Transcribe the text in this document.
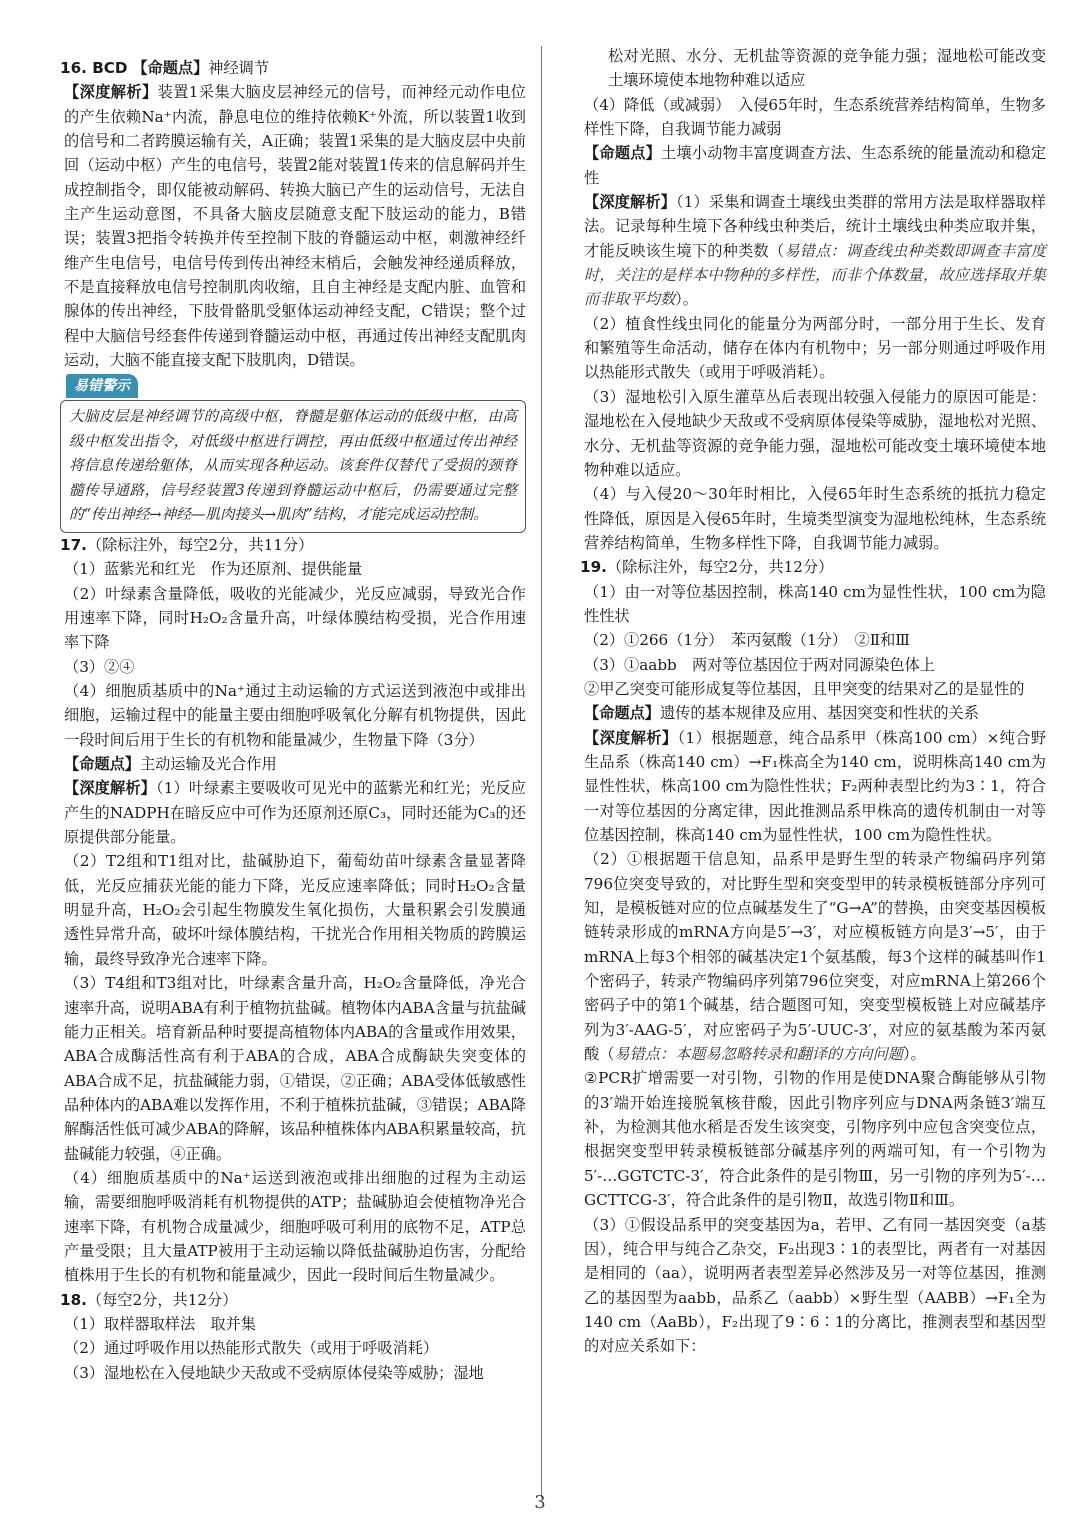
16. BCD 【命题点】神经调节

【深度解析】装置1采集大脑皮层神经元的信号，而神经元动作电位的产生依赖Na⁺内流，静息电位的维持依赖K⁺外流，所以装置1收到的信号和二者跨膜运输有关，A正确；装置1采集的是大脑皮层中央前回（运动中枢）产生的电信号，装置2能对装置1传来的信息解码并生成控制指令，即仅能被动解码、转换大脑已产生的运动信号，无法自主产生运动意图，不具备大脑皮层随意支配下肢运动的能力，B错误；装置3把指令转换并传至控制下肢的脊髓运动中枢，刺激神经纤维产生电信号，电信号传到传出神经末梢后，会触发神经递质释放，不是直接释放电信号控制肌肉收缩，且自主神经是支配内脏、血管和腺体的传出神经，下肢骨骼肌受躯体运动神经支配，C错误；整个过程中大脑信号经套件传递到脊髓运动中枢，再通过传出神经支配肌肉运动，大脑不能直接支配下肢肌肉，D错误。

易错警示
大脑皮层是神经调节的高级中枢，脊髓是躯体运动的低级中枢，由高级中枢发出指令，对低级中枢进行调控，再由低级中枢通过传出神经将信息传递给躯体，从而实现各种运动。该套件仅替代了受损的颈脊髓传导通路，信号经装置3传递到脊髓运动中枢后，仍需要通过完整的“传出神经→神经—肌肉接头→肌肉”结构，才能完成运动控制。

17.（除标注外，每空2分，共11分）

（1）蓝紫光和红光　作为还原剂、提供能量

（2）叶绿素含量降低，吸收的光能减少，光反应减弱，导致光合作用速率下降，同时H₂O₂含量升高，叶绿体膜结构受损，光合作用速率下降

（3）②④

（4）细胞质基质中的Na⁺通过主动运输的方式运送到液泡中或排出细胞，运输过程中的能量主要由细胞呼吸氧化分解有机物提供，因此一段时间后用于生长的有机物和能量减少，生物量下降（3分）

【命题点】主动运输及光合作用

【深度解析】（1）叶绿素主要吸收可见光中的蓝紫光和红光；光反应产生的NADPH在暗反应中可作为还原剂还原C₃，同时还能为C₃的还原提供部分能量。

（2）T2组和T1组对比，盐碱胁迫下，葡萄幼苗叶绿素含量显著降低，光反应捕获光能的能力下降，光反应速率降低；同时H₂O₂含量明显升高，H₂O₂会引起生物膜发生氧化损伤，大量积累会引发膜通透性异常升高，破坏叶绿体膜结构，干扰光合作用相关物质的跨膜运输，最终导致净光合速率下降。

（3）T4组和T3组对比，叶绿素含量升高，H₂O₂含量降低，净光合速率升高，说明ABA有利于植物抗盐碱。植物体内ABA含量与抗盐碱能力正相关。培育新品种时要提高植物体内ABA的含量或作用效果，ABA合成酶活性高有利于ABA的合成，ABA合成酶缺失突变体的ABA合成不足，抗盐碱能力弱，①错误，②正确；ABA受体低敏感性品种体内的ABA难以发挥作用，不利于植株抗盐碱，③错误；ABA降解酶活性低可减少ABA的降解，该品种植株体内ABA积累量较高，抗盐碱能力较强，④正确。

（4）细胞质基质中的Na⁺运送到液泡或排出细胞的过程为主动运输，需要细胞呼吸消耗有机物提供的ATP；盐碱胁迫会使植物净光合速率下降，有机物合成量减少，细胞呼吸可利用的底物不足，ATP总产量受限；且大量ATP被用于主动运输以降低盐碱胁迫伤害，分配给植株用于生长的有机物和能量减少，因此一段时间后生物量减少。

18.（每空2分，共12分）

（1）取样器取样法　取并集

（2）通过呼吸作用以热能形式散失（或用于呼吸消耗）

（3）湿地松在入侵地缺少天敌或不受病原体侵染等威胁；湿地

松对光照、水分、无机盐等资源的竞争能力强；湿地松可能改变土壤环境使本地物种难以适应

（4）降低（或减弱）　入侵65年时，生态系统营养结构简单，生物多样性下降，自我调节能力减弱

【命题点】土壤小动物丰富度调查方法、生态系统的能量流动和稳定性

【深度解析】（1）采集和调查土壤线虫类群的常用方法是取样器取样法。记录每种生境下各种线虫种类后，统计土壤线虫种类应取并集，才能反映该生境下的种类数（易错点：调查线虫种类数即调查丰富度时，关注的是样本中物种的多样性，而非个体数量，故应选择取并集而非取平均数）。

（2）植食性线虫同化的能量分为两部分时，一部分用于生长、发育和繁殖等生命活动，储存在体内有机物中；另一部分则通过呼吸作用以热能形式散失（或用于呼吸消耗）。

（3）湿地松引入原生灌草丛后表现出较强入侵能力的原因可能是：湿地松在入侵地缺少天敌或不受病原体侵染等威胁，湿地松对光照、水分、无机盐等资源的竞争能力强，湿地松可能改变土壤环境使本地物种难以适应。

（4）与入侵20～30年时相比，入侵65年时生态系统的抵抗力稳定性降低，原因是入侵65年时，生境类型演变为湿地松纯林，生态系统营养结构简单，生物多样性下降，自我调节能力减弱。

19.（除标注外，每空2分，共12分）

（1）由一对等位基因控制，株高140 cm为显性性状，100 cm为隐性性状

（2）①266（1分）　苯丙氨酸（1分）　②Ⅱ和Ⅲ

（3）①aabb　两对等位基因位于两对同源染色体上

②甲乙突变可能形成复等位基因，且甲突变的结果对乙的是显性的

【命题点】遗传的基本规律及应用、基因突变和性状的关系

【深度解析】（1）根据题意，纯合品系甲（株高100 cm）×纯合野生品系（株高140 cm）→F₁株高全为140 cm，说明株高140 cm为显性性状，株高100 cm为隐性性状；F₂两种表型比约为3∶1，符合一对等位基因的分离定律，因此推测品系甲株高的遗传机制由一对等位基因控制，株高140 cm为显性性状，100 cm为隐性性状。

（2）①根据题干信息知，品系甲是野生型的转录产物编码序列第796位突变导致的，对比野生型和突变型甲的转录模板链部分序列可知，是模板链对应的位点碱基发生了“G→A”的替换，由突变基因模板链转录形成的mRNA方向是5′→3′，对应模板链方向是3′→5′，由于mRNA上每3个相邻的碱基决定1个氨基酸，每3个这样的碱基叫作1个密码子，转录产物编码序列第796位突变，对应mRNA上第266个密码子中的第1个碱基，结合题图可知，突变型模板链上对应碱基序列为3′-AAG-5′，对应密码子为5′-UUC-3′，对应的氨基酸为苯丙氨酸（易错点：本题易忽略转录和翻译的方向问题）。

②PCR扩增需要一对引物，引物的作用是使DNA聚合酶能够从引物的3′端开始连接脱氧核苷酸，因此引物序列应与DNA两条链3′端互补，为检测其他水稻是否发生该突变，引物序列中应包含突变位点，根据突变型甲转录模板链部分碱基序列的两端可知，有一个引物为5′-…GGTCTC-3′，符合此条件的是引物Ⅲ，另一引物的序列为5′-…GCTTCG-3′，符合此条件的是引物Ⅱ，故选引物Ⅱ和Ⅲ。

（3）①假设品系甲的突变基因为a，若甲、乙有同一基因突变（a基因），纯合甲与纯合乙杂交，F₂出现3∶1的表型比，两者有一对基因是相同的（aa），说明两者表型差异必然涉及另一对等位基因，推测乙的基因型为aabb，品系乙（aabb）×野生型（AABB）→F₁全为140 cm（AaBb），F₂出现了9∶6∶1的分离比，推测表型和基因型的对应关系如下：

3
